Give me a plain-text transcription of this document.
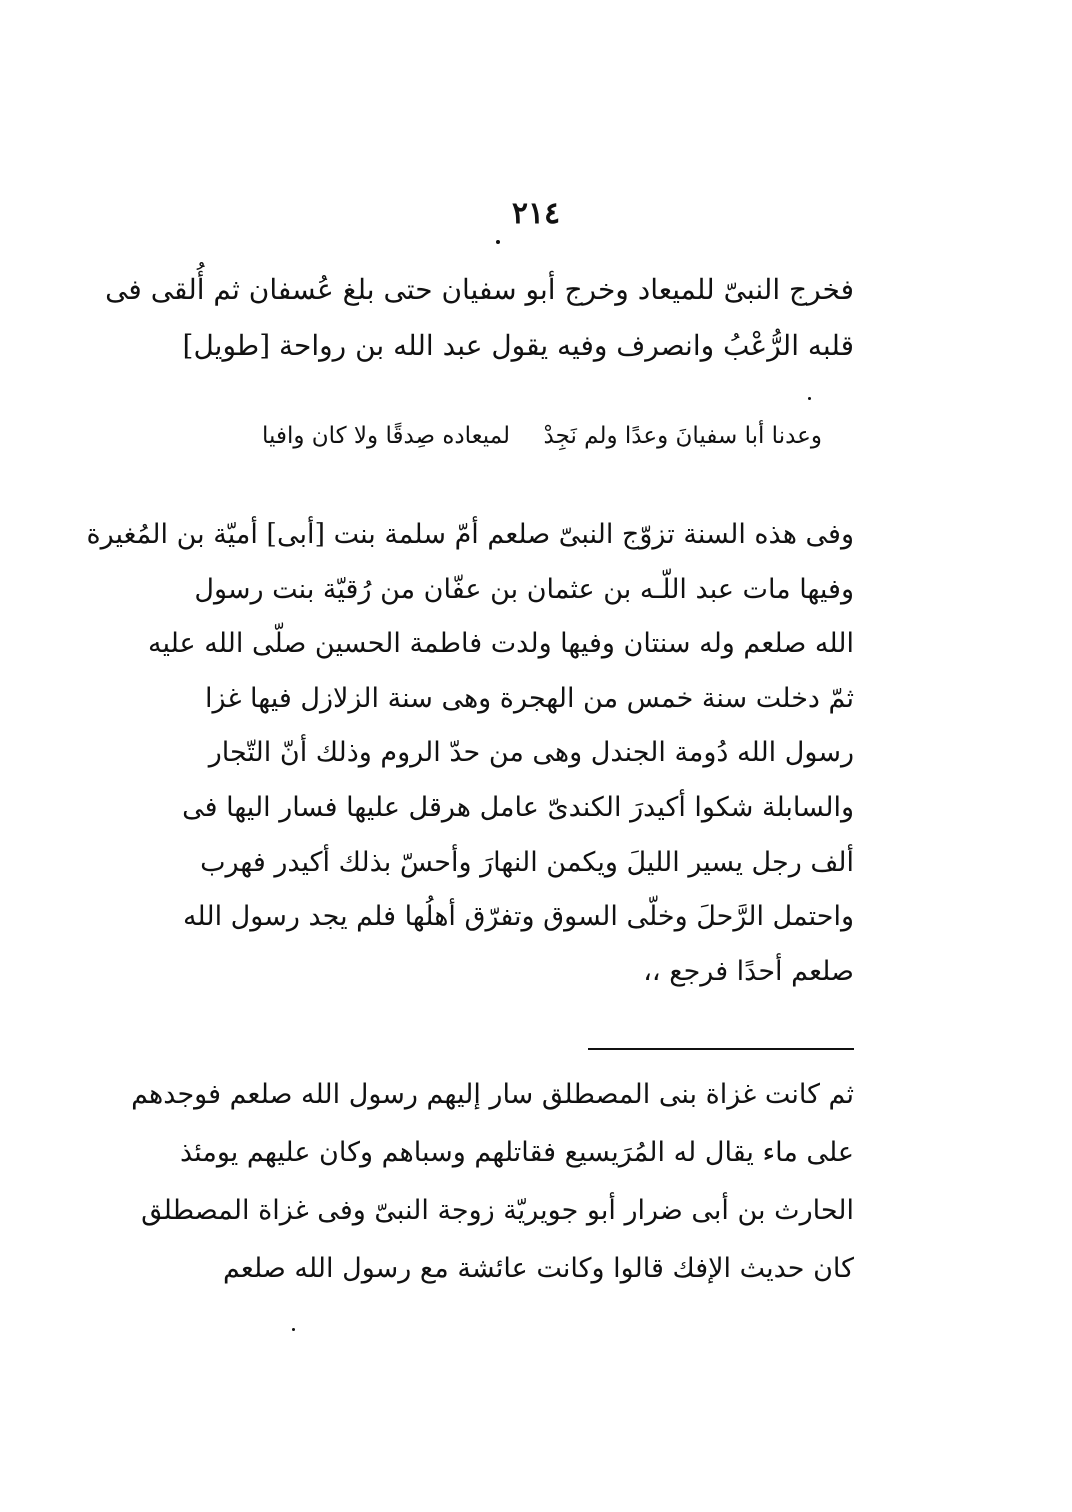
٢١٤
فخرج النبىّ للميعاد وخرج أبو سفيان حتى بلغ عُسفان ثم أُلقى فى
قلبه الرُّعْبُ وانصرف وفيه يقول عبد الله بن رواحة [طويل]
وعدنا أبا سفيانَ وعدًا ولم نَجِدْ
لميعاده صِدقًا ولا كان وافيا
وفى هذه السنة تزوّج النبىّ صلعم أمّ سلمة بنت [أبى] أميّة بن المُغيرة
وفيها مات عبد اللّـه بن عثمان بن عفّان من رُقيّة بنت رسول
الله صلعم وله سنتان وفيها ولدت فاطمة الحسين صلّى الله عليه
ثمّ دخلت سنة خمس من الهجرة وهى سنة الزلازل فيها غزا
رسول الله دُومة الجندل وهى من حدّ الروم وذلك أنّ التّجار
والسابلة شكوا أكيدرَ الكندىّ عامل هرقل عليها فسار اليها فى
ألف رجل يسير الليلَ ويكمن النهارَ وأحسّ بذلك أكيدر فهرب
واحتمل الرَّحلَ وخلّى السوق وتفرّق أهلُها فلم يجد رسول الله
صلعم أحدًا فرجع ،،
ثم كانت غزاة بنى المصطلق سار إليهم رسول الله صلعم فوجدهم
على ماء يقال له المُرَيسيع فقاتلهم وسباهم وكان عليهم يومئذ
الحارث بن أبى ضرار أبو جويريّة زوجة النبىّ وفى غزاة المصطلق
كان حديث الإفك قالوا وكانت عائشة مع رسول الله صلعم
